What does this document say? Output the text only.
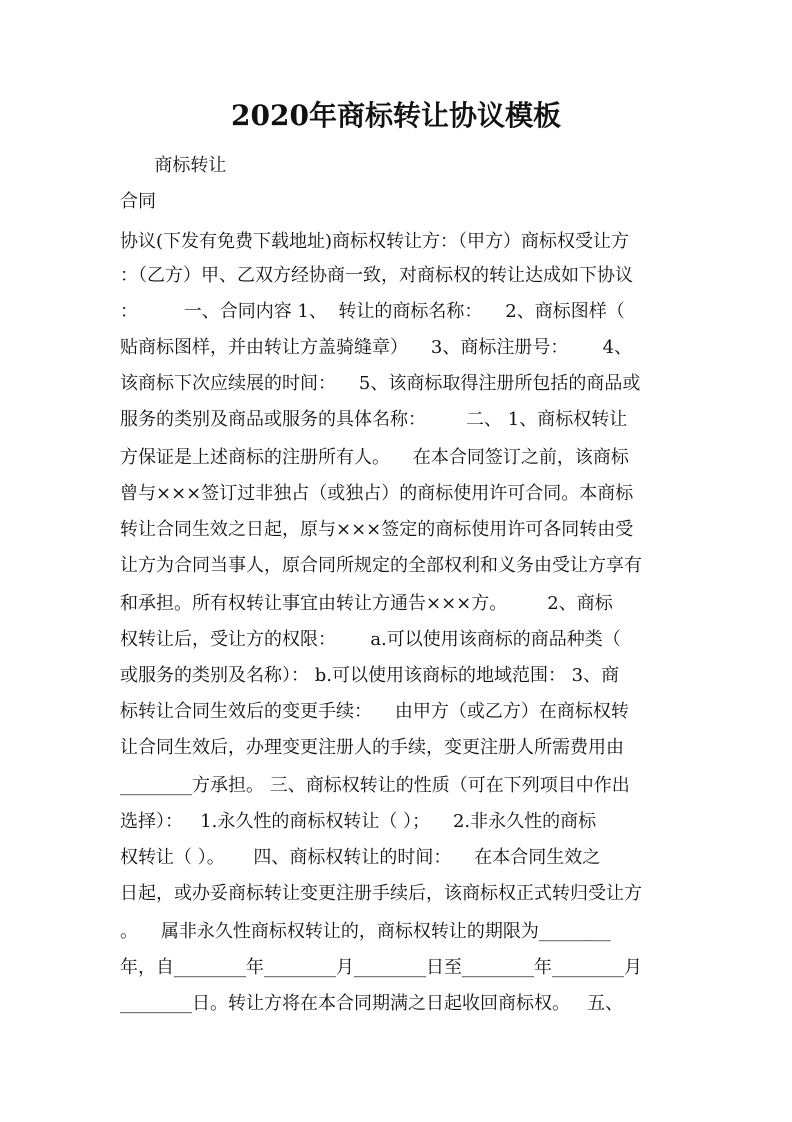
2020年商标转让协议模板
商标转让
合同
协议(下发有免费下载地址)商标权转让方：（甲方）商标权受让方
：（乙方）甲、乙双方经协商一致，对商标权的转让达成如下协议
：        一、合同内容 1、  转让的商标名称：    2、商标图样（
贴商标图样，并由转让方盖骑缝章）    3、商标注册号：      4、
该商标下次应续展的时间：    5、该商标取得注册所包括的商品或
服务的类别及商品或服务的具体名称：       二、 1、商标权转让
方保证是上述商标的注册所有人。    在本合同签订之前，该商标
曾与×××签订过非独占（或独占）的商标使用许可合同。本商标
转让合同生效之日起，原与×××签定的商标使用许可各同转由受
让方为合同当事人，原合同所规定的全部权利和义务由受让方享有
和承担。所有权转让事宜由转让方通告×××方。       2、商标
权转让后，受让方的权限：      a.可以使用该商标的商品种类（
或服务的类别及名称）： b.可以使用该商标的地域范围： 3、商
标转让合同生效后的变更手续：    由甲方（或乙方）在商标权转
让合同生效后，办理变更注册人的手续，变更注册人所需费用由
________方承担。 三、商标权转让的性质（可在下列项目中作出
选择）：   1.永久性的商标权转让（ ）；    2.非永久性的商标
权转让（ ）。     四、商标权转让的时间：    在本合同生效之
日起，或办妥商标转让变更注册手续后，该商标权正式转归受让方
。    属非永久性商标权转让的，商标权转让的期限为________
年，自________年________月________日至________年________月
________日。转让方将在本合同期满之日起收回商标权。   五、
